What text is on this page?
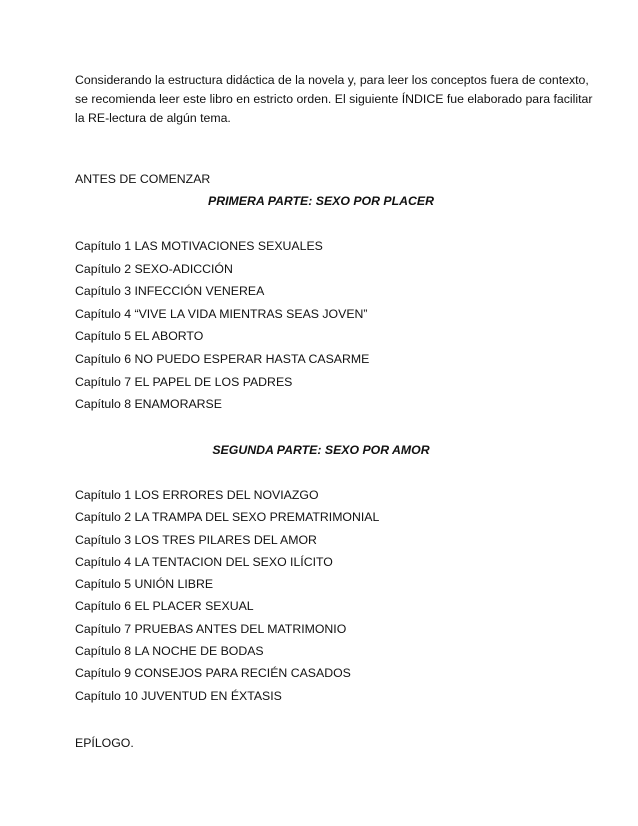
Considerando la estructura didáctica de la novela y, para leer los conceptos fuera de contexto,
se recomienda leer este libro en estricto orden. El siguiente ÍNDICE fue elaborado para facilitar
la RE-lectura de algún tema.

ANTES DE COMENZAR

PRIMERA PARTE: SEXO POR PLACER

Capítulo 1 LAS MOTIVACIONES SEXUALES
Capítulo 2 SEXO-ADICCIÓN
Capítulo 3 INFECCIÓN VENEREA
Capítulo 4 “VIVE LA VIDA MIENTRAS SEAS JOVEN”
Capítulo 5 EL ABORTO
Capítulo 6 NO PUEDO ESPERAR HASTA CASARME
Capítulo 7 EL PAPEL DE LOS PADRES
Capítulo 8 ENAMORARSE

SEGUNDA PARTE: SEXO POR AMOR

Capítulo 1 LOS ERRORES DEL NOVIAZGO
Capítulo 2 LA TRAMPA DEL SEXO PREMATRIMONIAL
Capítulo 3 LOS TRES PILARES DEL AMOR
Capítulo 4 LA TENTACION DEL SEXO ILÍCITO
Capítulo 5 UNIÓN LIBRE
Capítulo 6 EL PLACER SEXUAL
Capítulo 7 PRUEBAS ANTES DEL MATRIMONIO
Capítulo 8 LA NOCHE DE BODAS
Capítulo 9 CONSEJOS PARA RECIÉN CASADOS
Capítulo 10 JUVENTUD EN ÉXTASIS

EPÍLOGO.
